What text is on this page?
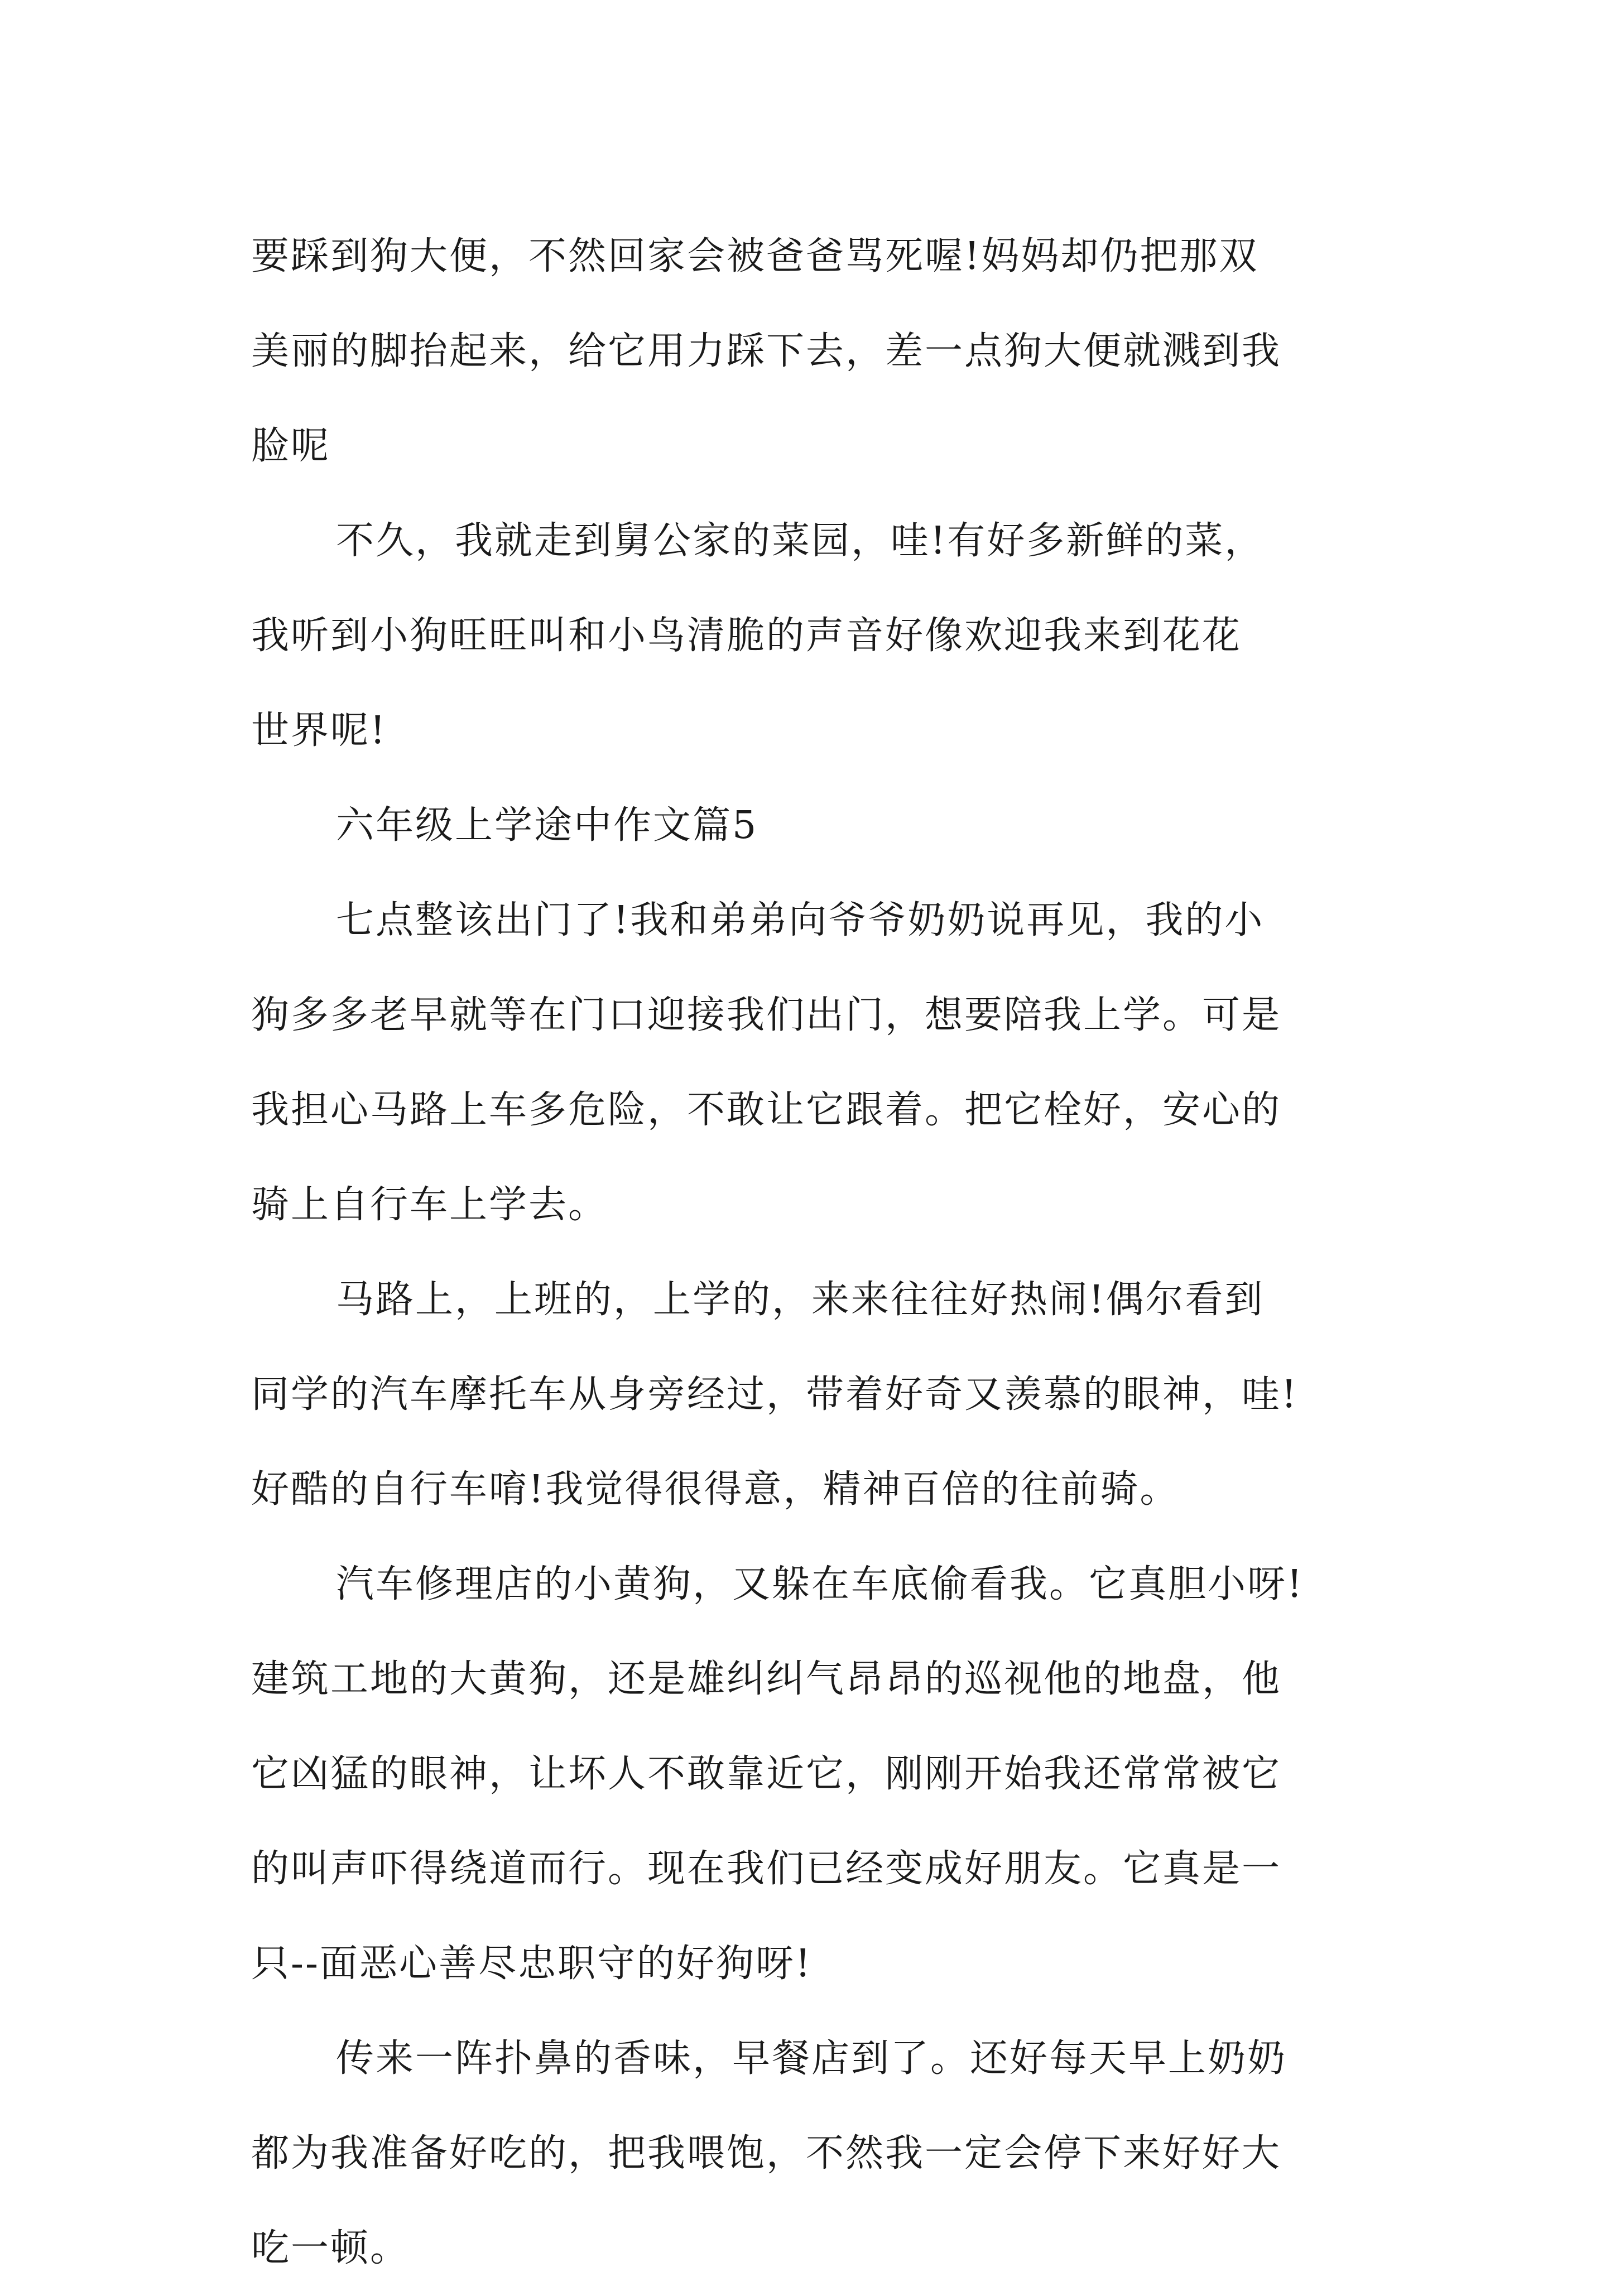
要踩到狗大便，不然回家会被爸爸骂死喔!妈妈却仍把那双
美丽的脚抬起来，给它用力踩下去，差一点狗大便就溅到我
脸呢
不久，我就走到舅公家的菜园，哇!有好多新鲜的菜，
我听到小狗旺旺叫和小鸟清脆的声音好像欢迎我来到花花
世界呢!
六年级上学途中作文篇5
七点整该出门了!我和弟弟向爷爷奶奶说再见，我的小
狗多多老早就等在门口迎接我们出门，想要陪我上学。可是
我担心马路上车多危险，不敢让它跟着。把它栓好，安心的
骑上自行车上学去。
马路上，上班的，上学的，来来往往好热闹!偶尔看到
同学的汽车摩托车从身旁经过，带着好奇又羡慕的眼神，哇!
好酷的自行车唷!我觉得很得意，精神百倍的往前骑。
汽车修理店的小黄狗，又躲在车底偷看我。它真胆小呀!
建筑工地的大黄狗，还是雄纠纠气昂昂的巡视他的地盘，他
它凶猛的眼神，让坏人不敢靠近它，刚刚开始我还常常被它
的叫声吓得绕道而行。现在我们已经变成好朋友。它真是一
只--面恶心善尽忠职守的好狗呀!
传来一阵扑鼻的香味，早餐店到了。还好每天早上奶奶
都为我准备好吃的，把我喂饱，不然我一定会停下来好好大
吃一顿。
